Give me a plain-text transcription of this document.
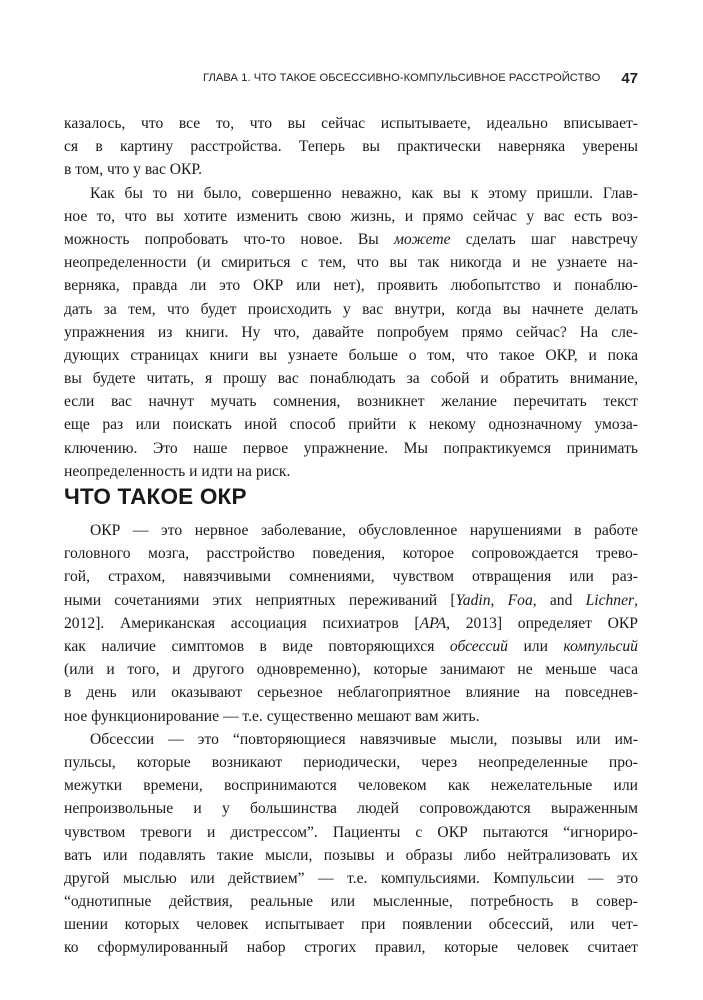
ГЛАВА 1. ЧТО ТАКОЕ ОБСЕССИВНО-КОМПУЛЬСИВНОЕ РАССТРОЙСТВО 47
казалось, что все то, что вы сейчас испытываете, идеально вписывает-
ся в картину расстройства. Теперь вы практически наверняка уверены
в том, что у вас ОКР.
Как бы то ни было, совершенно неважно, как вы к этому пришли. Глав-
ное то, что вы хотите изменить свою жизнь, и прямо сейчас у вас есть воз-
можность попробовать что-то новое. Вы можете сделать шаг навстречу
неопределенности (и смириться с тем, что вы так никогда и не узнаете на-
верняка, правда ли это ОКР или нет), проявить любопытство и понаблю-
дать за тем, что будет происходить у вас внутри, когда вы начнете делать
упражнения из книги. Ну что, давайте попробуем прямо сейчас? На сле-
дующих страницах книги вы узнаете больше о том, что такое ОКР, и пока
вы будете читать, я прошу вас понаблюдать за собой и обратить внимание,
если вас начнут мучать сомнения, возникнет желание перечитать текст
еще раз или поискать иной способ прийти к некому однозначному умоза-
ключению. Это наше первое упражнение. Мы попрактикуемся принимать
неопределенность и идти на риск.
ЧТО ТАКОЕ ОКР
ОКР — это нервное заболевание, обусловленное нарушениями в работе
головного мозга, расстройство поведения, которое сопровождается трево-
гой, страхом, навязчивыми сомнениями, чувством отвращения или раз-
ными сочетаниями этих неприятных переживаний [Yadin, Foa, and Lichner,
2012]. Американская ассоциация психиатров [APA, 2013] определяет ОКР
как наличие симптомов в виде повторяющихся обсессий или компульсий
(или и того, и другого одновременно), которые занимают не меньше часа
в день или оказывают серьезное неблагоприятное влияние на повседнев-
ное функционирование — т.е. существенно мешают вам жить.
Обсессии — это “повторяющиеся навязчивые мысли, позывы или им-
пульсы, которые возникают периодически, через неопределенные про-
межутки времени, воспринимаются человеком как нежелательные или
непроизвольные и у большинства людей сопровождаются выраженным
чувством тревоги и дистрессом”. Пациенты с ОКР пытаются “игнориро-
вать или подавлять такие мысли, позывы и образы либо нейтрализовать их
другой мыслью или действием” — т.е. компульсиями. Компульсии — это
“однотипные действия, реальные или мысленные, потребность в совер-
шении которых человек испытывает при появлении обсессий, или чет-
ко сформулированный набор строгих правил, которые человек считает
